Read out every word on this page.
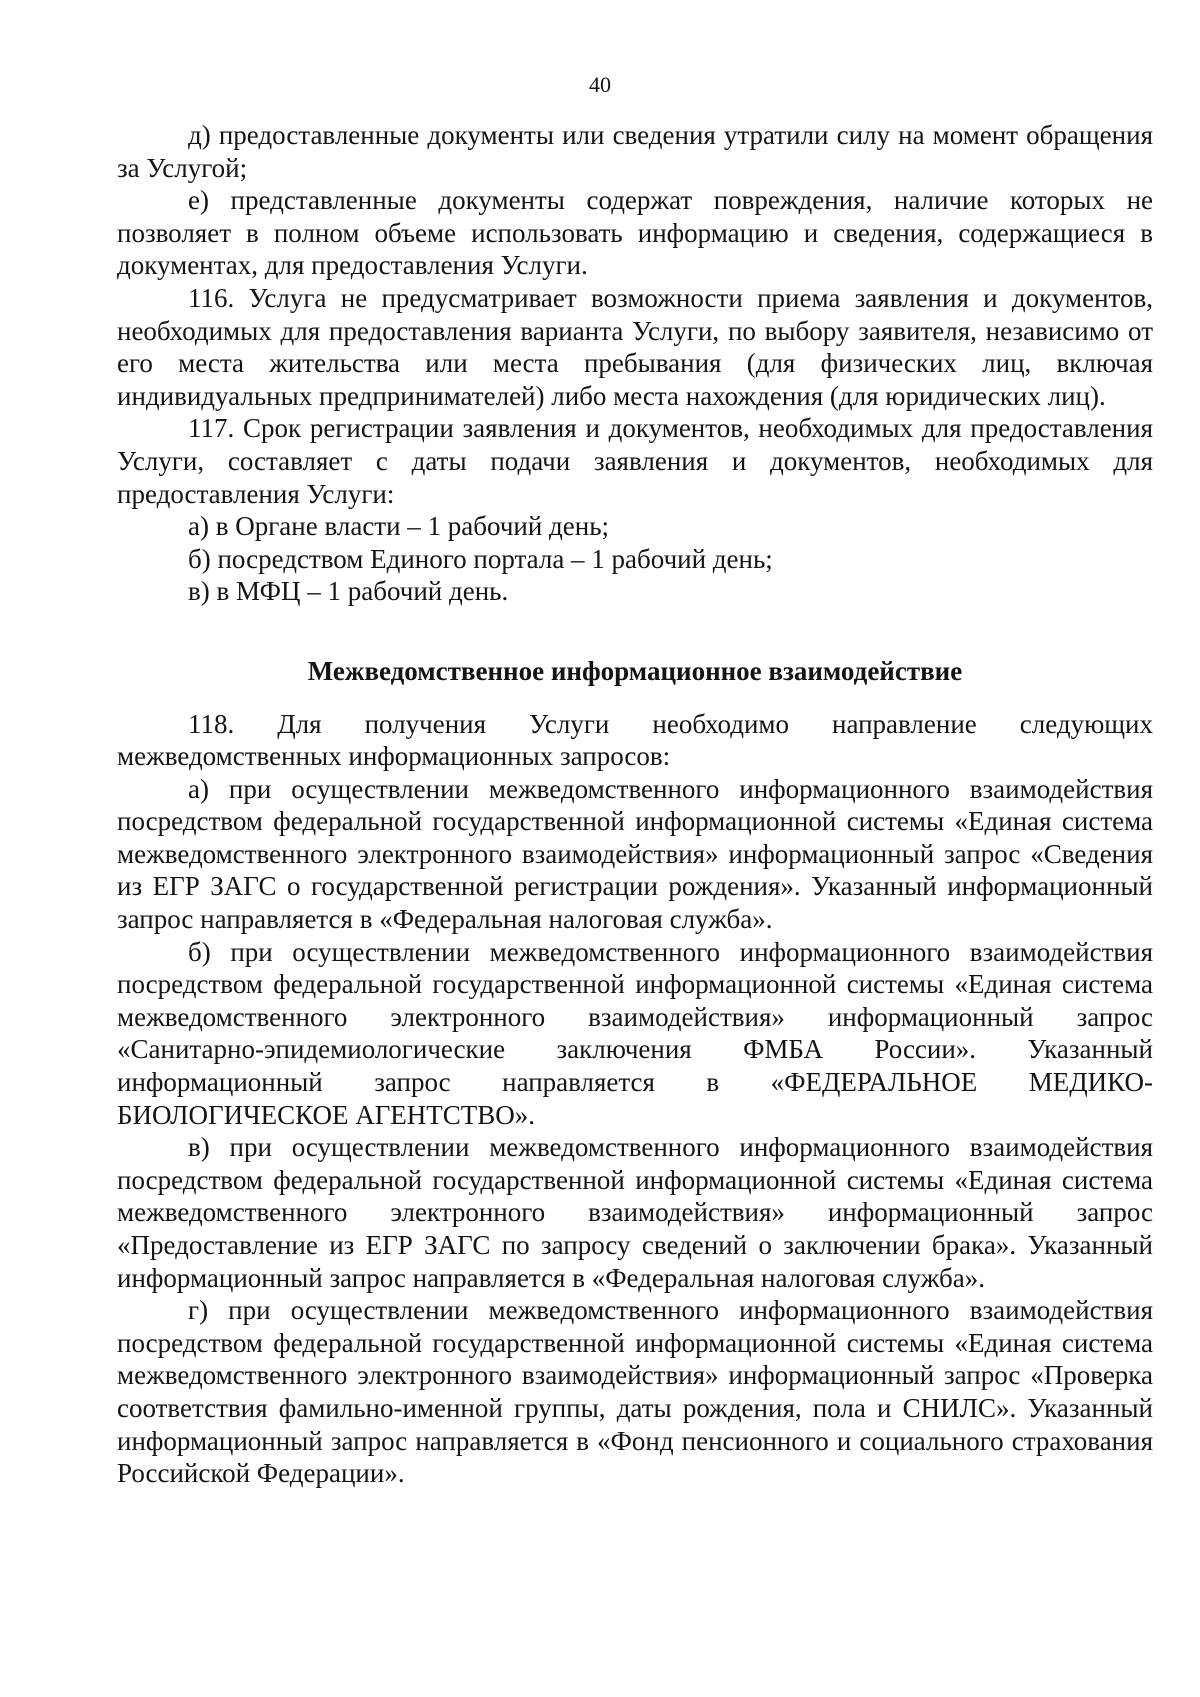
40

д) предоставленные документы или сведения утратили силу на момент обращения за Услугой;

е) представленные документы содержат повреждения, наличие которых не позволяет в полном объеме использовать информацию и сведения, содержащиеся в документах, для предоставления Услуги.

116. Услуга не предусматривает возможности приема заявления и документов, необходимых для предоставления варианта Услуги, по выбору заявителя, независимо от его места жительства или места пребывания (для физических лиц, включая индивидуальных предпринимателей) либо места нахождения (для юридических лиц).

117. Срок регистрации заявления и документов, необходимых для предоставления Услуги, составляет с даты подачи заявления и документов, необходимых для предоставления Услуги:

а) в Органе власти – 1 рабочий день;

б) посредством Единого портала – 1 рабочий день;

в) в МФЦ – 1 рабочий день.

Межведомственное информационное взаимодействие

118. Для получения Услуги необходимо направление следующих межведомственных информационных запросов:

а) при осуществлении межведомственного информационного взаимодействия посредством федеральной государственной информационной системы «Единая система межведомственного электронного взаимодействия» информационный запрос «Сведения из ЕГР ЗАГС о государственной регистрации рождения». Указанный информационный запрос направляется в «Федеральная налоговая служба».

б) при осуществлении межведомственного информационного взаимодействия посредством федеральной государственной информационной системы «Единая система межведомственного электронного взаимодействия» информационный запрос «Санитарно-эпидемиологические заключения ФМБА России». Указанный информационный запрос направляется в «ФЕДЕРАЛЬНОЕ МЕДИКО-БИОЛОГИЧЕСКОЕ АГЕНТСТВО».

в) при осуществлении межведомственного информационного взаимодействия посредством федеральной государственной информационной системы «Единая система межведомственного электронного взаимодействия» информационный запрос «Предоставление из ЕГР ЗАГС по запросу сведений о заключении брака». Указанный информационный запрос направляется в «Федеральная налоговая служба».

г) при осуществлении межведомственного информационного взаимодействия посредством федеральной государственной информационной системы «Единая система межведомственного электронного взаимодействия» информационный запрос «Проверка соответствия фамильно-именной группы, даты рождения, пола и СНИЛС». Указанный информационный запрос направляется в «Фонд пенсионного и социального страхования Российской Федерации».
